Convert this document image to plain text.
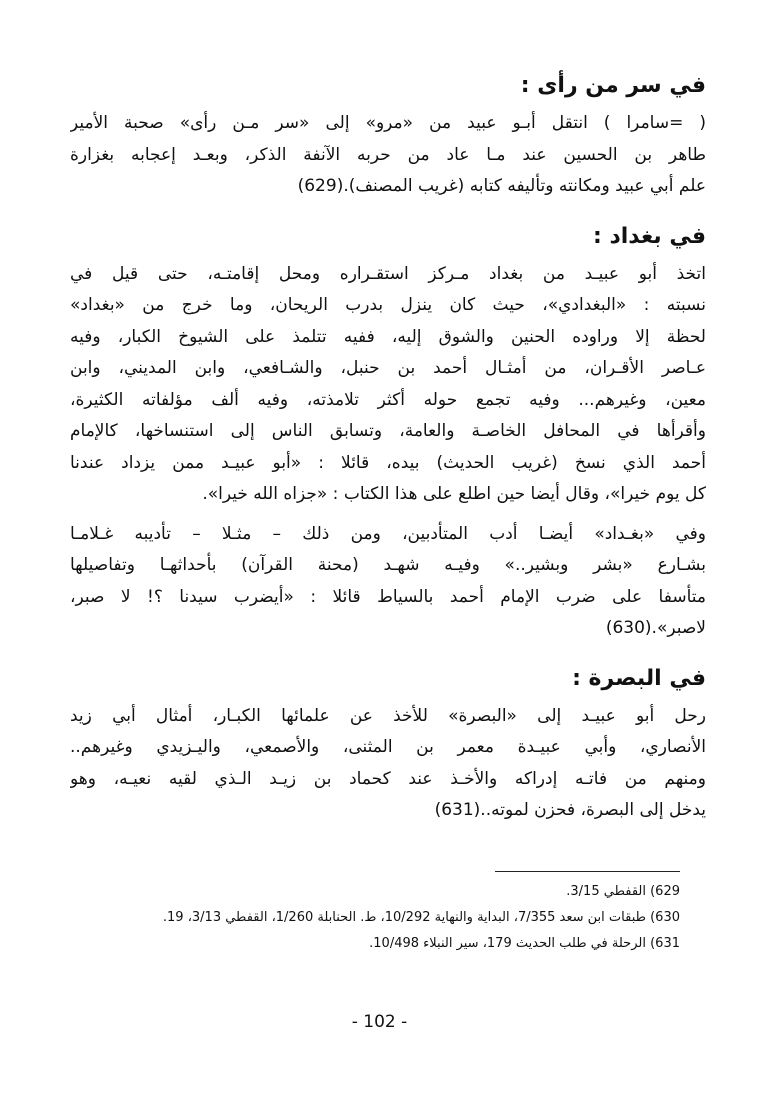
في سر من رأى :

( =سامرا ) انتقل أبـو عبيد من «مرو» إلى «سر مـن رأى» صحبة الأمير
طاهر بن الحسين عند مـا عاد من حربه الآنفة الذكر، وبعـد إعجابه بغزارة
علم أبي عبيد ومكانته وتأليفه كتابه (غريب المصنف).(629)

في بغداد :

اتخذ أبو عبيـد من بغداد مـركز استقـراره ومحل إقامتـه، حتى قيل في
نسبته : «البغدادي»، حيث كان ينزل بدرب الريحان، وما خرج من «بغداد»
لحظة إلا وراوده الحنين والشوق إليه، ففيه تتلمذ على الشيوخ الكبار، وفيه
عـاصر الأقـران، من أمثـال أحمد بن حنبل، والشـافعي، وابن المديني، وابن
معين، وغيرهم... وفيه تجمع حوله أكثر تلامذته، وفيه ألف مؤلفاته الكثيرة،
وأقرأها في المحافل الخاصـة والعامة، وتسابق الناس إلى استنساخها، كالإمام
أحمد الذي نسخ (غريب الحديث) بيده، قائلا : «أبو عبيـد ممن يزداد عندنا
كل يوم خيرا»، وقال أيضا حين اطلع على هذا الكتاب : «جزاه الله خيرا».

وفي «بغـداد» أيضـا أدب المتأدبين، ومن ذلك – مثـلا – تأديبه غـلامـا
بشـارع «بشر وبشير..» وفيـه شهـد (محنة القرآن) بأحداثهـا وتفاصيلها
متأسفا على ضرب الإمام أحمد بالسياط قائلا : «أيضرب سيدنا ؟! لا صبر،
لاصبر».(630)

في البصرة :

رحل أبو عبيـد إلى «البصرة» للأخذ عن علمائها الكبـار، أمثال أبي زيد
الأنصاري، وأبي عبيـدة معمر بن المثنى، والأصمعي، واليـزيدي وغيرهم..
ومنهم من فاتـه إدراكه والأخـذ عند كحماد بن زيـد الـذي لقيه نعيـه، وهو
يدخل إلى البصرة، فحزن لموته..(631)

629) القفطي 3/15.
630) طبقات ابن سعد 7/355، البداية والنهاية 10/292، ط. الحنابلة 1/260، القفطي 3/13، 19.
631) الرحلة في طلب الحديث 179، سير النبلاء 10/498.
- 102 -
